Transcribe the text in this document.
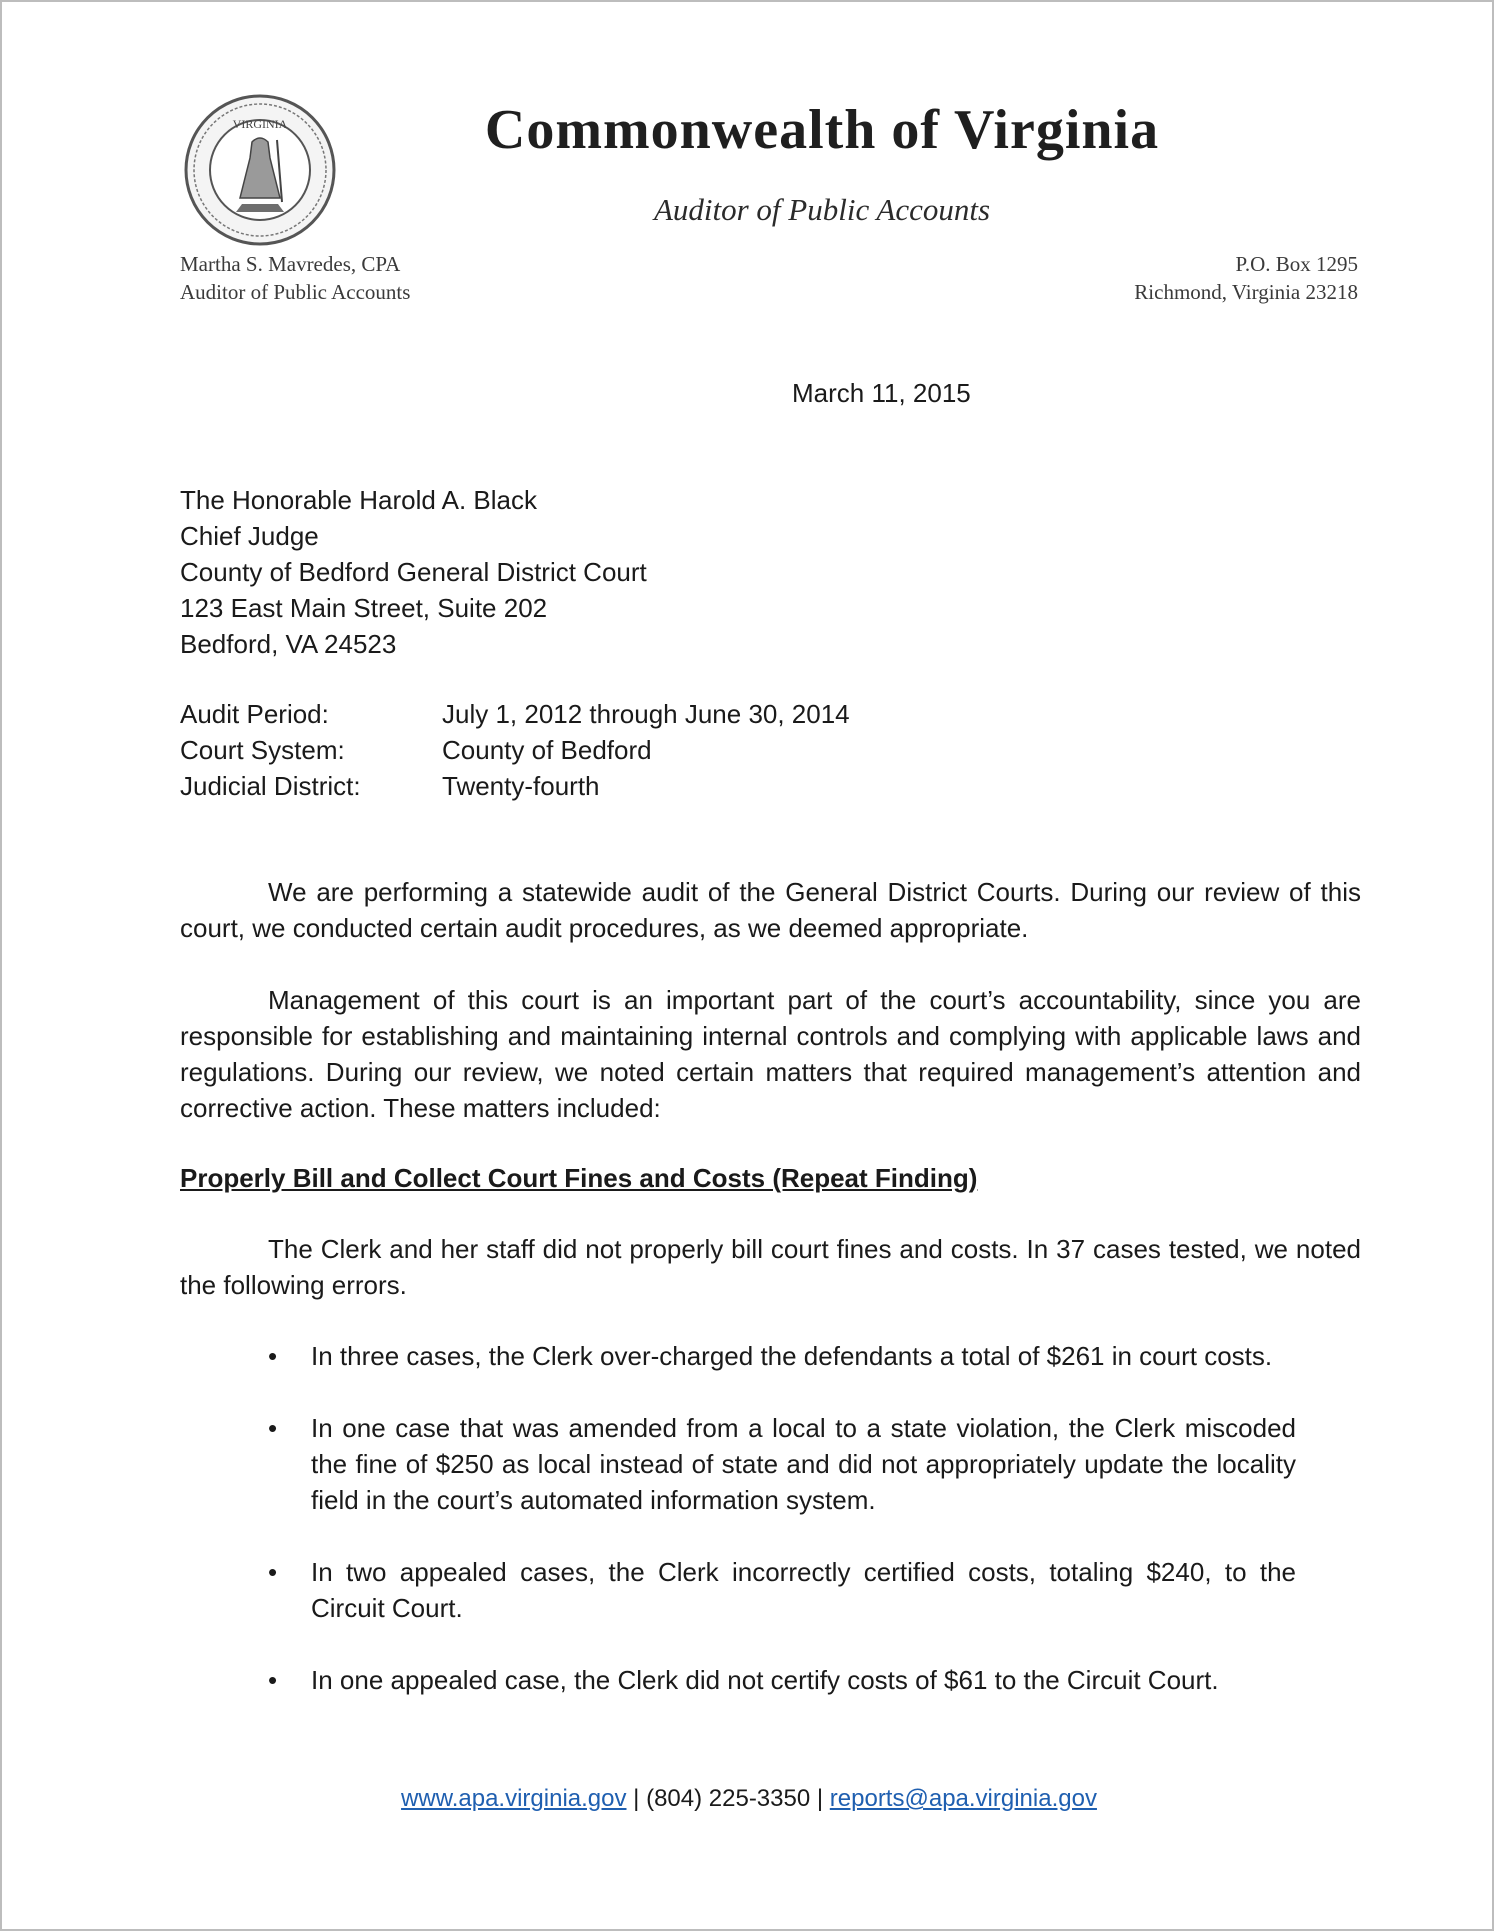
VIRGINIA	Commonwealth of Virginia
Auditor of Public Accounts
Martha S. Mavredes, CPA
Auditor of Public Accounts
P.O. Box 1295
Richmond, Virginia 23218
March 11, 2015
The Honorable Harold A. Black
Chief Judge
County of Bedford General District Court
123 East Main Street, Suite 202
Bedford, VA 24523
Audit Period:	July 1, 2012 through June 30, 2014
Court System:	County of Bedford
Judicial District:	Twenty-fourth
We are performing a statewide audit of the General District Courts. During our review of this court, we conducted certain audit procedures, as we deemed appropriate.
Management of this court is an important part of the court’s accountability, since you are responsible for establishing and maintaining internal controls and complying with applicable laws and regulations. During our review, we noted certain matters that required management’s attention and corrective action. These matters included:
Properly Bill and Collect Court Fines and Costs (Repeat Finding)
The Clerk and her staff did not properly bill court fines and costs. In 37 cases tested, we noted the following errors.
•	In three cases, the Clerk over-charged the defendants a total of $261 in court costs.
•	In one case that was amended from a local to a state violation, the Clerk miscoded the fine of $250 as local instead of state and did not appropriately update the locality field in the court’s automated information system.
•	In two appealed cases, the Clerk incorrectly certified costs, totaling $240, to the Circuit Court.
•	In one appealed case, the Clerk did not certify costs of $61 to the Circuit Court.
www.apa.virginia.gov | (804) 225-3350 | reports@apa.virginia.gov
